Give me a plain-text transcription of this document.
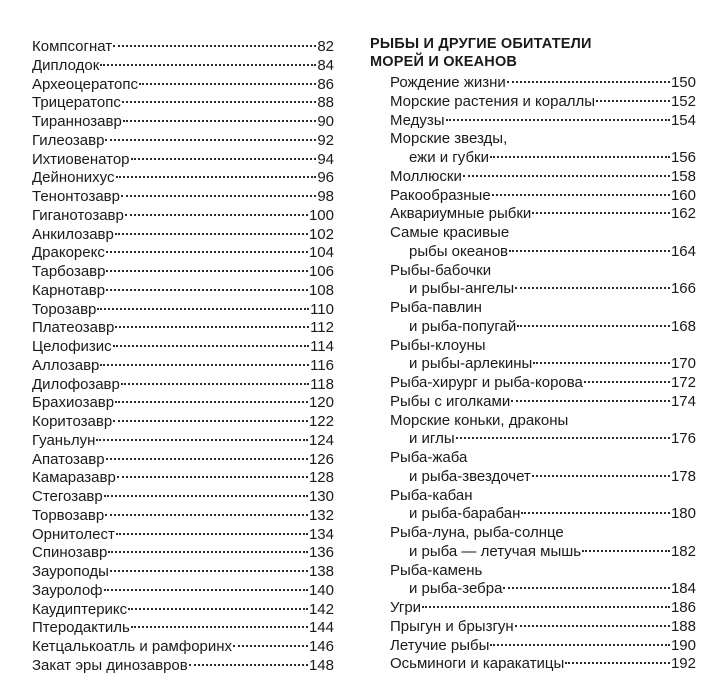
Компсогнат	82
Диплодок	84
Археоцератопс	86
Трицератопс	88
Тираннозавр	90
Гилеозавр	92
Ихтиовенатор	94
Дейнонихус	96
Тенонтозавр	98
Гиганотозавр	100
Анкилозавр	102
Дракорекс	104
Тарбозавр	106
Карнотавр	108
Торозавр	110
Платеозавр	112
Целофизис	114
Аллозавр	116
Дилофозавр	118
Брахиозавр	120
Коритозавр	122
Гуаньлун	124
Апатозавр	126
Камаразавр	128
Стегозавр	130
Торвозавр	132
Орнитолест	134
Спинозавр	136
Зауроподы	138
Зауролоф	140
Каудиптерикс	142
Птеродактиль	144
Кетцалькоатль и рамфоринх	146
Закат эры динозавров	148
РЫБЫ И ДРУГИЕ ОБИТАТЕЛИ
МОРЕЙ И ОКЕАНОВ
Рождение жизни	150
Морские растения и кораллы	152
Медузы	154
Морские звезды,
ежи и губки	156
Моллюски	158
Ракообразные	160
Аквариумные рыбки	162
Самые красивые
рыбы океанов	164
Рыбы-бабочки
и рыбы-ангелы	166
Рыба-павлин
и рыба-попугай	168
Рыбы-клоуны
и рыбы-арлекины	170
Рыба-хирург и рыба-корова	172
Рыбы с иголками	174
Морские коньки, драконы
и иглы	176
Рыба-жаба
и рыба-звездочет	178
Рыба-кабан
и рыба-барабан	180
Рыба-луна, рыба-солнце
и рыба — летучая мышь	182
Рыба-камень
и рыба-зебра	184
Угри	186
Прыгун и брызгун	188
Летучие рыбы	190
Осьминоги и каракатицы	192
